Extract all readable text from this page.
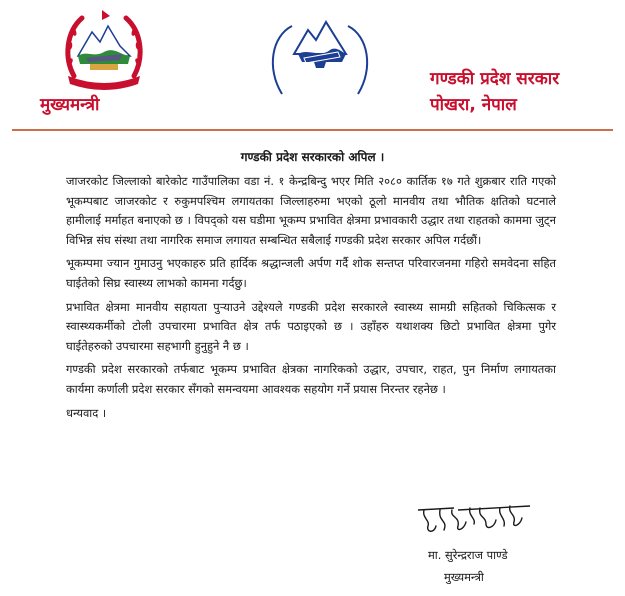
मुख्यमन्त्री
गण्डकी प्रदेश सरकार
पोखरा, नेपाल
गण्डकी प्रदेश सरकारको अपिल ।

जाजरकोट जिल्लाको बारेकोट गाउँपालिका वडा नं. १ केन्द्रबिन्दु भएर मिति २०८० कार्तिक १७ गते शुक्रबार राति गएको भूकम्पबाट जाजरकोट र रुकुमपश्चिम लगायतका जिल्लाहरुमा भएको ठूलो मानवीय तथा भौतिक क्षतिको घटनाले हामीलाई मर्माहत बनाएको छ । विपद्को यस घडीमा भूकम्प प्रभावित क्षेत्रमा प्रभावकारी उद्धार तथा राहतको काममा जुट्न विभिन्न संघ संस्था तथा नागरिक समाज लगायत सम्बन्धित सबैलाई गण्डकी प्रदेश सरकार अपिल गर्दछौं।

भूकम्पमा ज्यान गुमाउनु भएकाहरु प्रति हार्दिक श्रद्धान्जली अर्पण गर्दै शोक सन्तप्त परिवारजनमा गहिरो समवेदना सहित घाईतेको सिघ्र स्वास्थ्य लाभको कामना गर्दछु।

प्रभावित क्षेत्रमा मानवीय सहायता पुऱ्याउने उद्देश्यले गण्डकी प्रदेश सरकारले स्वास्थ्य सामग्री सहितको चिकित्सक र स्वास्थ्यकर्मीको टोली उपचारमा प्रभावित क्षेत्र तर्फ पठाइएको छ । उहाँहरु यथाशक्य छिटो प्रभावित क्षेत्रमा पुगेर घाईतेहरुको उपचारमा सहभागी हुनुहुने नै छ ।

गण्डकी प्रदेश सरकारको तर्फबाट भूकम्प प्रभावित क्षेत्रका नागरिकको उद्धार, उपचार, राहत, पुन निर्माण लगायतका कार्यमा कर्णाली प्रदेश सरकार सँगको समन्वयमा आवश्यक सहयोग गर्ने प्रयास निरन्तर रहनेछ ।

धन्यवाद ।

मा. सुरेन्द्रराज पाण्डे
मुख्यमन्त्री
